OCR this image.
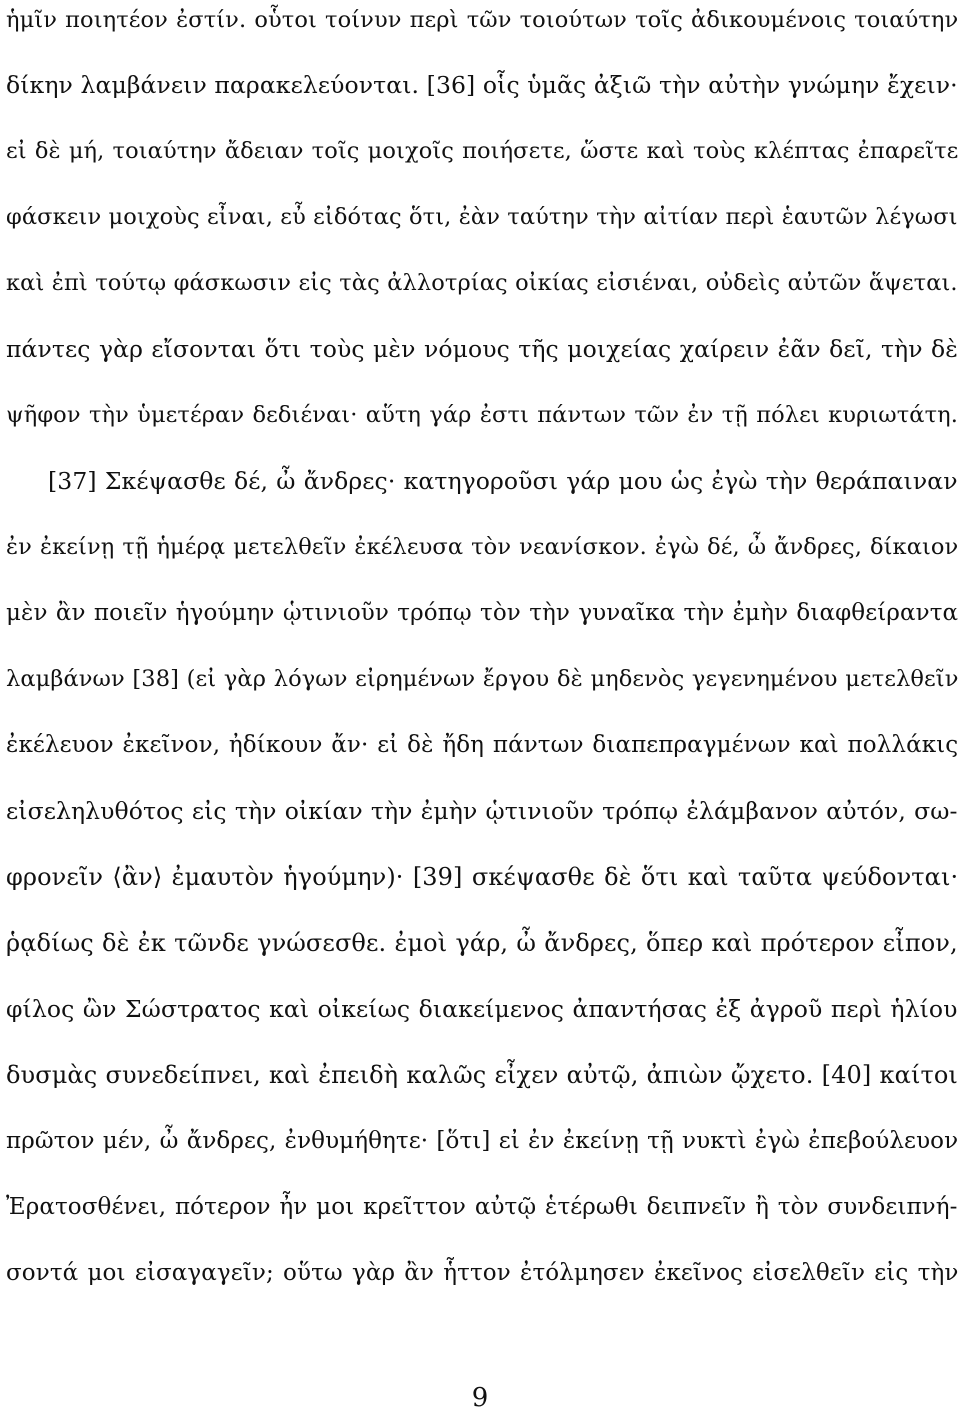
ἡμῖν ποιητέον ἐστίν. οὗτοι τοίνυν περὶ τῶν τοιούτων τοῖς ἀδικουμένοις τοιαύτην
δίκην λαμβάνειν παρακελεύονται. [36] οἷς ὑμᾶς ἀξιῶ τὴν αὐτὴν γνώμην ἔχειν·
εἰ δὲ μή, τοιαύτην ἄδειαν τοῖς μοιχοῖς ποιήσετε, ὥστε καὶ τοὺς κλέπτας ἐπαρεῖτε
φάσκειν μοιχοὺς εἶναι, εὖ εἰδότας ὅτι, ἐὰν ταύτην τὴν αἰτίαν περὶ ἑαυτῶν λέγωσι
καὶ ἐπὶ τούτῳ φάσκωσιν εἰς τὰς ἀλλοτρίας οἰκίας εἰσιέναι, οὐδεὶς αὐτῶν ἅψεται.
πάντες γὰρ εἴσονται ὅτι τοὺς μὲν νόμους τῆς μοιχείας χαίρειν ἐᾶν δεῖ, τὴν δὲ
ψῆφον τὴν ὑμετέραν δεδιέναι· αὕτη γάρ ἐστι πάντων τῶν ἐν τῇ πόλει κυριωτάτη.
[37] Σκέψασθε δέ, ὦ ἄνδρες· κατηγοροῦσι γάρ μου ὡς ἐγὼ τὴν θεράπαιναν
ἐν ἐκείνῃ τῇ ἡμέρᾳ μετελθεῖν ἐκέλευσα τὸν νεανίσκον. ἐγὼ δέ, ὦ ἄνδρες, δίκαιον
μὲν ἂν ποιεῖν ἡγούμην ᾡτινιοῦν τρόπῳ τὸν τὴν γυναῖκα τὴν ἐμὴν διαφθείραντα
λαμβάνων [38] (εἰ γὰρ λόγων εἰρημένων ἔργου δὲ μηδενὸς γεγενημένου μετελθεῖν
ἐκέλευον ἐκεῖνον, ἠδίκουν ἄν· εἰ δὲ ἤδη πάντων διαπεπραγμένων καὶ πολλάκις
εἰσεληλυθότος εἰς τὴν οἰκίαν τὴν ἐμὴν ᾡτινιοῦν τρόπῳ ἐλάμβανον αὐτόν, σω-
φρονεῖν ⟨ἂν⟩ ἐμαυτὸν ἡγούμην)· [39] σκέψασθε δὲ ὅτι καὶ ταῦτα ψεύδονται·
ῥᾳδίως δὲ ἐκ τῶνδε γνώσεσθε. ἐμοὶ γάρ, ὦ ἄνδρες, ὅπερ καὶ πρότερον εἶπον,
φίλος ὢν Σώστρατος καὶ οἰκείως διακείμενος ἀπαντήσας ἐξ ἀγροῦ περὶ ἡλίου
δυσμὰς συνεδείπνει, καὶ ἐπειδὴ καλῶς εἶχεν αὐτῷ, ἀπιὼν ᾤχετο. [40] καίτοι
πρῶτον μέν, ὦ ἄνδρες, ἐνθυμήθητε· [ὅτι] εἰ ἐν ἐκείνῃ τῇ νυκτὶ ἐγὼ ἐπεβούλευον
Ἐρατοσθένει, πότερον ἦν μοι κρεῖττον αὐτῷ ἑτέρωθι δειπνεῖν ἢ τὸν συνδειπνή-
σοντά μοι εἰσαγαγεῖν; οὕτω γὰρ ἂν ἧττον ἐτόλμησεν ἐκεῖνος εἰσελθεῖν εἰς τὴν
9
